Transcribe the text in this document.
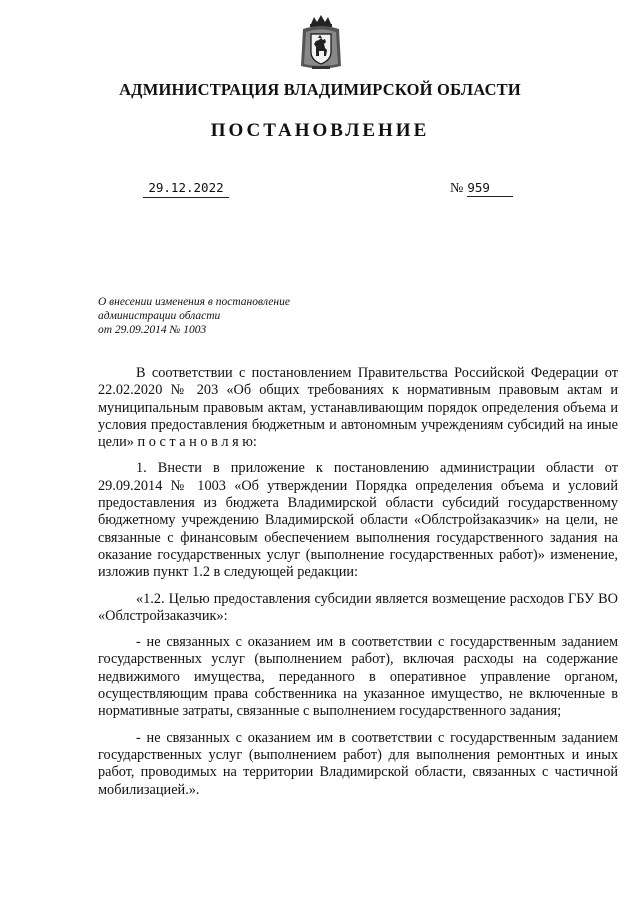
АДМИНИСТРАЦИЯ ВЛАДИМИРСКОЙ ОБЛАСТИ
ПОСТАНОВЛЕНИЕ
29.12.2022	№ 959
О внесении изменения в постановление
администрации области
от 29.09.2014 № 1003

В соответствии с постановлением Правительства Российской Федерации от 22.02.2020 № 203 «Об общих требованиях к нормативным правовым актам и муниципальным правовым актам, устанавливающим порядок определения объема и условия предоставления бюджетным и автономным учреждениям субсидий на иные цели» п о с т а н о в л я ю:

1. Внести в приложение к постановлению администрации области от 29.09.2014 № 1003 «Об утверждении Порядка определения объема и условий предоставления из бюджета Владимирской области субсидий государственному бюджетному учреждению Владимирской области «Облстройзаказчик» на цели, не связанные с финансовым обеспечением выполнения государственного задания на оказание государственных услуг (выполнение государственных работ)» изменение, изложив пункт 1.2 в следующей редакции:

«1.2. Целью предоставления субсидии является возмещение расходов ГБУ ВО «Облстройзаказчик»:

- не связанных с оказанием им в соответствии с государственным заданием государственных услуг (выполнением работ), включая расходы на содержание недвижимого имущества, переданного в оперативное управление органом, осуществляющим права собственника на указанное имущество, не включенные в нормативные затраты, связанные с выполнением государственного задания;

- не связанных с оказанием им в соответствии с государственным заданием государственных услуг (выполнением работ) для выполнения ремонтных и иных работ, проводимых на территории Владимирской области, связанных с частичной мобилизацией.».
